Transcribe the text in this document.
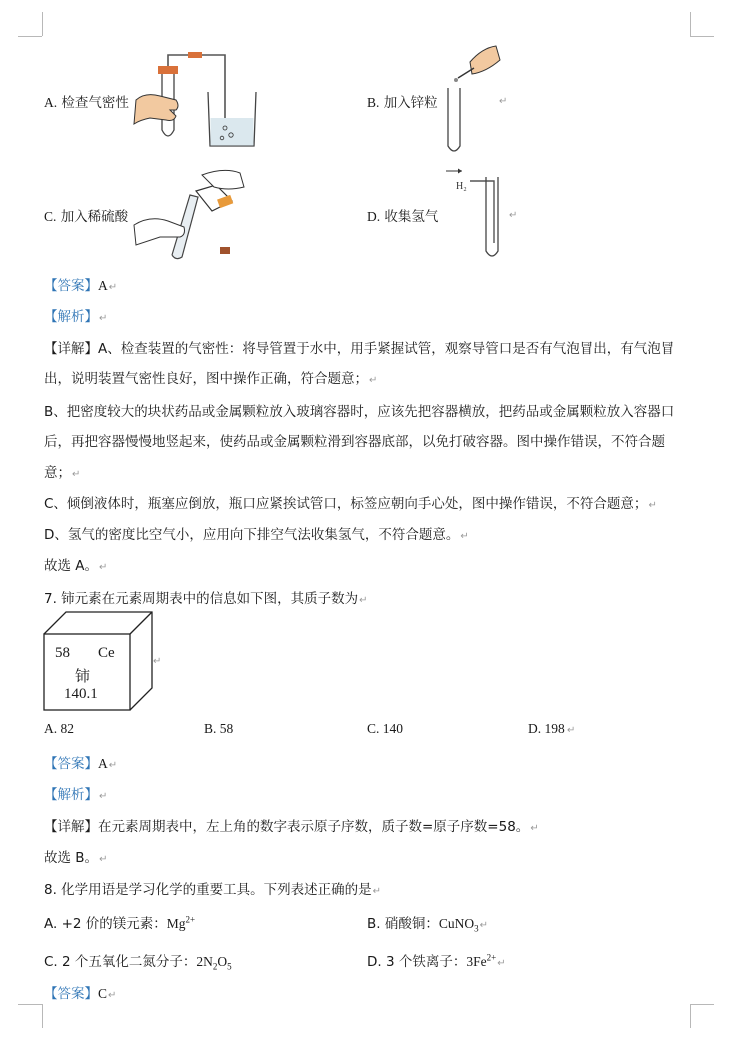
A. 检查气密性	B. 加入锌粒
C. 加入稀硫酸	D. 收集氢气
H₂
↵
↵
【答案】A↵
【解析】↵
【详解】A、检查装置的气密性：将导管置于水中，用手紧握试管，观察导管口是否有气泡冒出，有气泡冒
出，说明装置气密性良好，图中操作正确，符合题意；↵
B、把密度较大的块状药品或金属颗粒放入玻璃容器时，应该先把容器横放，把药品或金属颗粒放入容器口
后，再把容器慢慢地竖起来，使药品或金属颗粒滑到容器底部，以免打破容器。图中操作错误，不符合题
意；↵
C、倾倒液体时，瓶塞应倒放，瓶口应紧挨试管口，标签应朝向手心处，图中操作错误，不符合题意；↵
D、氢气的密度比空气小，应用向下排空气法收集氢气，不符合题意。↵
故选 A。↵
7. 铈元素在元素周期表中的信息如下图，其质子数为↵
58 Ce
铈
140.1
↵
A. 82	B. 58	C. 140	D. 198 ↵
【答案】A↵
【解析】↵
【详解】在元素周期表中，左上角的数字表示原子序数，质子数=原子序数=58。↵
故选 B。↵
8. 化学用语是学习化学的重要工具。下列表述正确的是↵
A. +2 价的镁元素：$Mg^{2+}$	B. 硝酸铜：CuNO$_3$↵
C. 2 个五氧化二氮分子：$2N_2O_5$	D. 3 个铁离子：$3Fe^{2+}↵$
【答案】C↵
